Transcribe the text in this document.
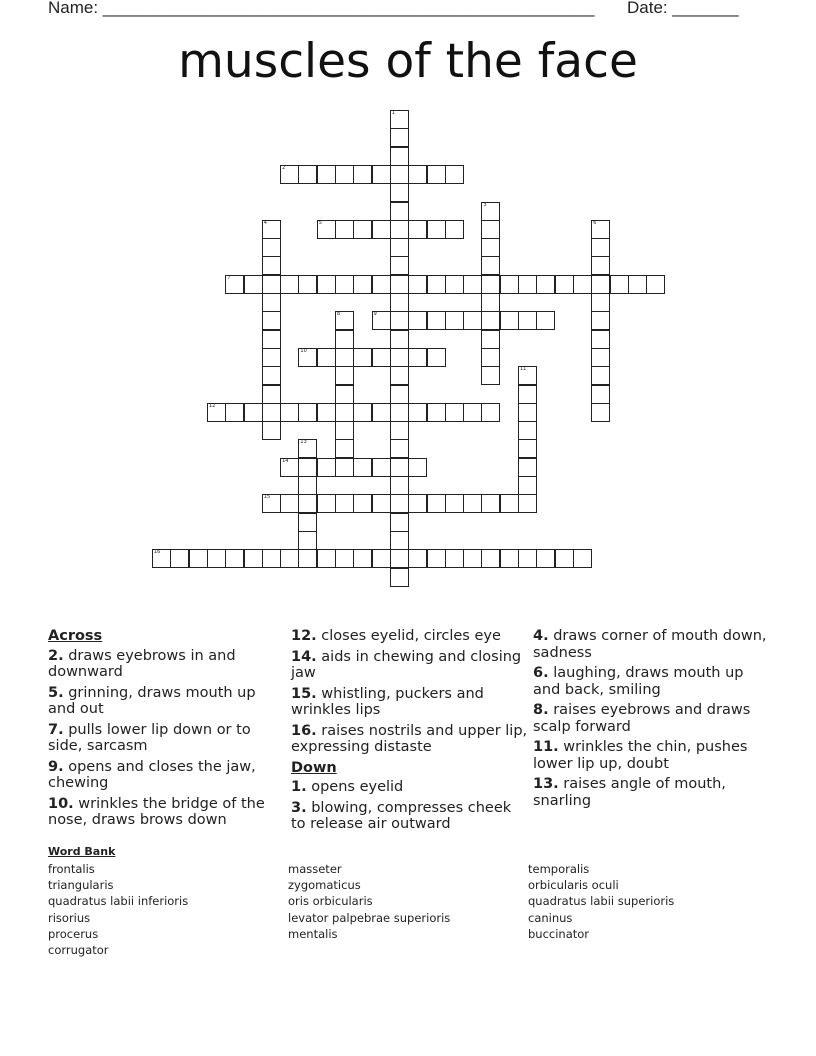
Name: ____________________________________________________ Date: _______
muscles of the face
1
2
3
4	5	6
7
8	9
10
11
12
13
14
15
16
Across
2. draws eyebrows in and downward
5. grinning, draws mouth up and out
7. pulls lower lip down or to side, sarcasm
9. opens and closes the jaw, chewing
10. wrinkles the bridge of the nose, draws brows down
12. closes eyelid, circles eye
14. aids in chewing and closing jaw
15. whistling, puckers and wrinkles lips
16. raises nostrils and upper lip, expressing distaste
Down
1. opens eyelid
3. blowing, compresses cheek to release air outward
4. draws corner of mouth down, sadness
6. laughing, draws mouth up and back, smiling
8. raises eyebrows and draws scalp forward
11. wrinkles the chin, pushes lower lip up, doubt
13. raises angle of mouth, snarling
Word Bank
frontalis
triangularis
quadratus labii inferioris
risorius
procerus
corrugator
masseter
zygomaticus
oris orbicularis
levator palpebrae superioris
mentalis
temporalis
orbicularis oculi
quadratus labii superioris
caninus
buccinator
